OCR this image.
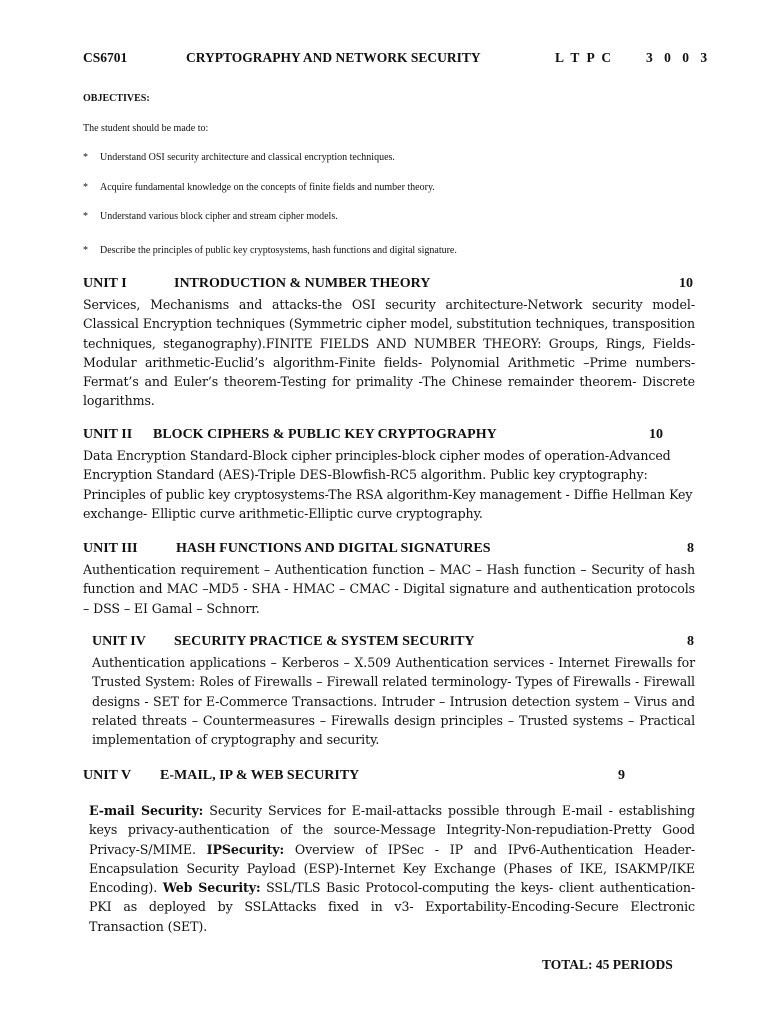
CS6701	CRYPTOGRAPHY AND NETWORK SECURITY	L T P C 3 0 0 3
OBJECTIVES:
The student should be made to:
* Understand OSI security architecture and classical encryption techniques.
* Acquire fundamental knowledge on the concepts of finite fields and number theory.
* Understand various block cipher and stream cipher models.
* Describe the principles of public key cryptosystems, hash functions and digital signature.
UNIT I	INTRODUCTION & NUMBER THEORY	10
Services, Mechanisms and attacks-the OSI security architecture-Network security model-Classical Encryption techniques (Symmetric cipher model, substitution techniques, transposition techniques, steganography).FINITE FIELDS AND NUMBER THEORY: Groups, Rings, Fields-Modular arithmetic-Euclid’s algorithm-Finite fields- Polynomial Arithmetic –Prime numbers-Fermat’s and Euler’s theorem-Testing for primality -The Chinese remainder theorem- Discrete logarithms.
UNIT II BLOCK CIPHERS & PUBLIC KEY CRYPTOGRAPHY	10
Data Encryption Standard-Block cipher principles-block cipher modes of operation-Advanced Encryption Standard (AES)-Triple DES-Blowfish-RC5 algorithm. Public key cryptography: Principles of public key cryptosystems-The RSA algorithm-Key management - Diffie Hellman Key exchange- Elliptic curve arithmetic-Elliptic curve cryptography.
UNIT III	HASH FUNCTIONS AND DIGITAL SIGNATURES	8
Authentication requirement – Authentication function – MAC – Hash function – Security of hash function and MAC –MD5 - SHA - HMAC – CMAC - Digital signature and authentication protocols – DSS – EI Gamal – Schnorr.
UNIT IV SECURITY PRACTICE & SYSTEM SECURITY	8
Authentication applications – Kerberos – X.509 Authentication services - Internet Firewalls for Trusted System: Roles of Firewalls – Firewall related terminology- Types of Firewalls - Firewall designs - SET for E-Commerce Transactions. Intruder – Intrusion detection system – Virus and related threats – Countermeasures – Firewalls design principles – Trusted systems – Practical implementation of cryptography and security.
UNIT V E-MAIL, IP & WEB SECURITY	9
E-mail Security: Security Services for E-mail-attacks possible through E-mail - establishing keys privacy-authentication of the source-Message Integrity-Non-repudiation-Pretty Good Privacy-S/MIME. IPSecurity: Overview of IPSec - IP and IPv6-Authentication Header-Encapsulation Security Payload (ESP)-Internet Key Exchange (Phases of IKE, ISAKMP/IKE Encoding). Web Security: SSL/TLS Basic Protocol-computing the keys- client authentication-PKI as deployed by SSLAttacks fixed in v3- Exportability-Encoding-Secure Electronic Transaction (SET).
TOTAL: 45 PERIODS
